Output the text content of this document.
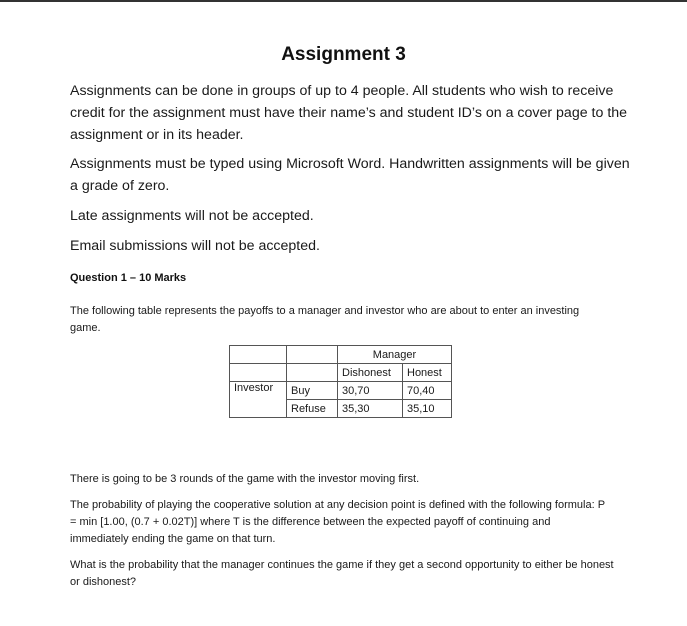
Assignment 3

Assignments can be done in groups of up to 4 people. All students who wish to receive credit for the assignment must have their name’s and student ID’s on a cover page to the assignment or in its header.

Assignments must be typed using Microsoft Word. Handwritten assignments will be given a grade of zero.

Late assignments will not be accepted.

Email submissions will not be accepted.

Question 1 – 10 Marks

The following table represents the payoffs to a manager and investor who are about to enter an investing game.

		Manager	
		Dishonest	Honest
Investor	Buy	30,70	70,40
	Refuse	35,30	35,10

There is going to be 3 rounds of the game with the investor moving first.

The probability of playing the cooperative solution at any decision point is defined with the following formula: P = min [1.00, (0.7 + 0.02T)] where T is the difference between the expected payoff of continuing and immediately ending the game on that turn.

What is the probability that the manager continues the game if they get a second opportunity to either be honest or dishonest?
